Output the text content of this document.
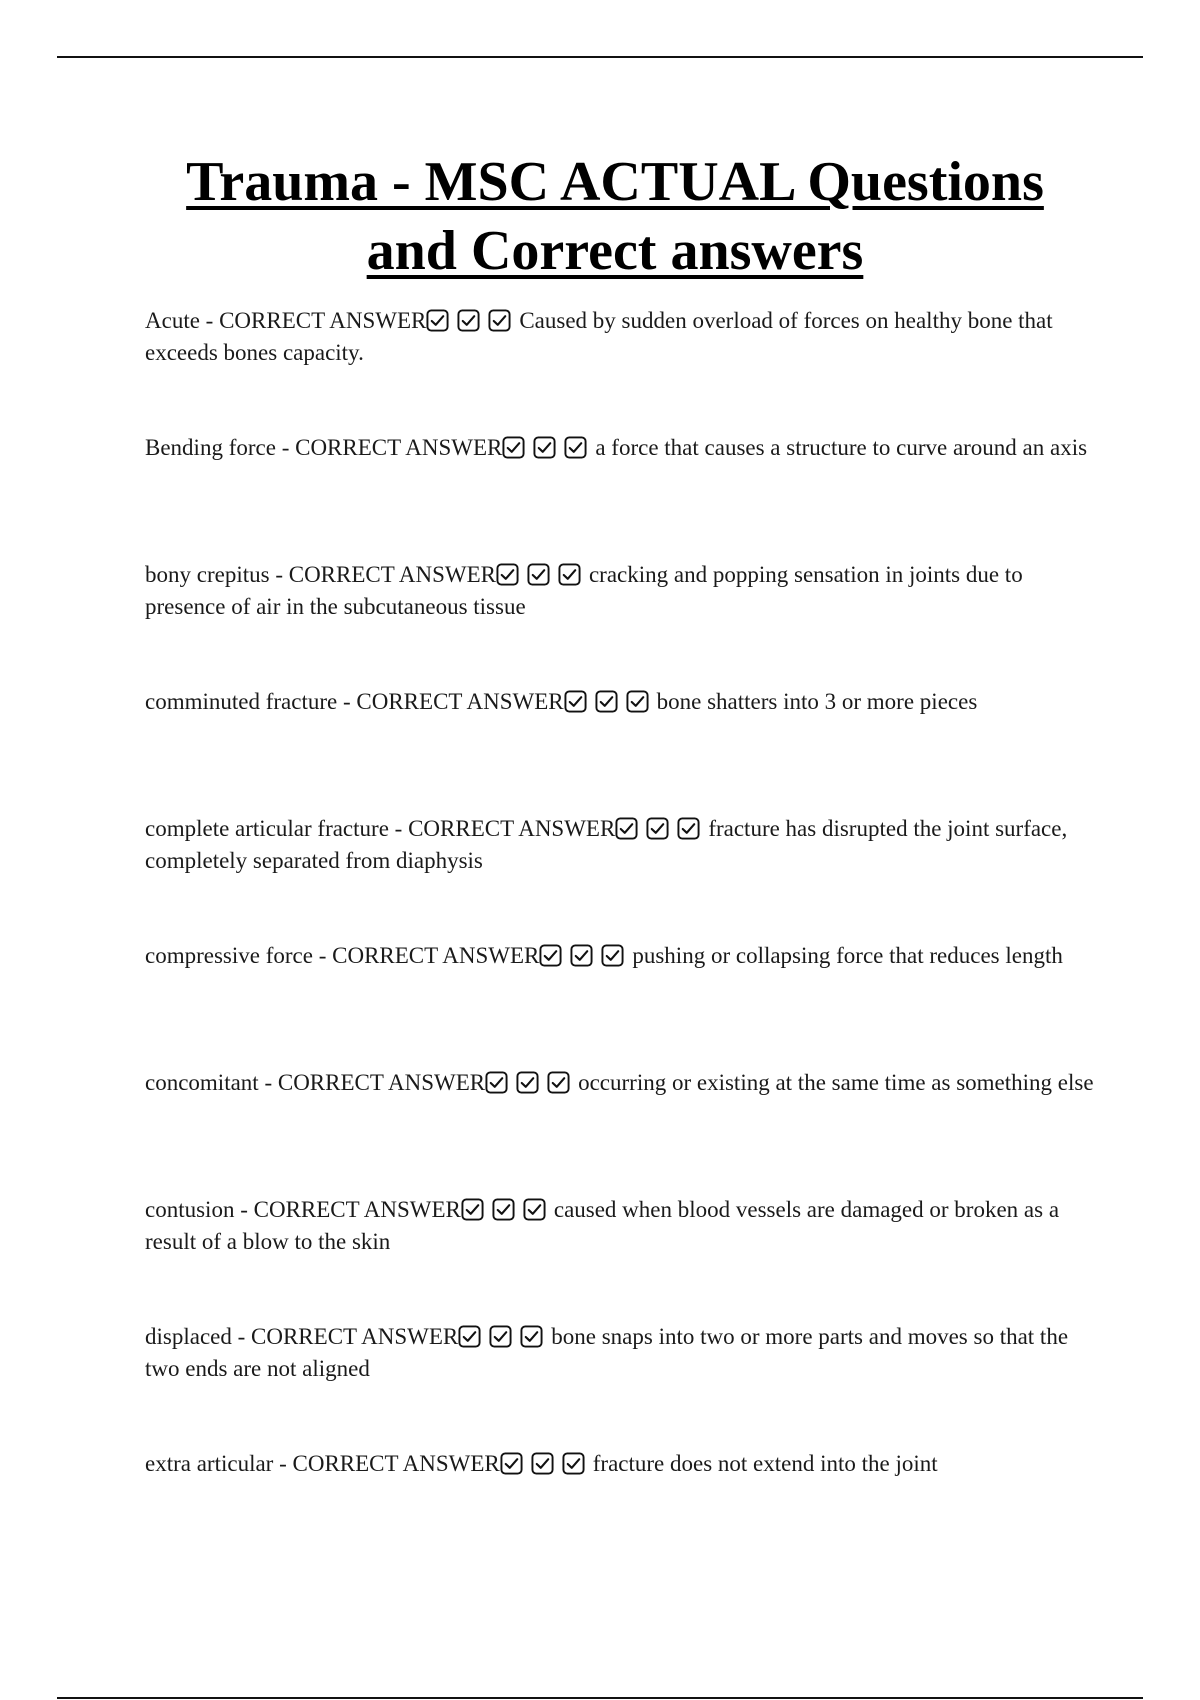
Trauma - MSC ACTUAL Questions
and Correct answers

Acute - CORRECT ANSWER	Caused by sudden overload of forces on healthy bone that exceeds bones capacity.

Bending force - CORRECT ANSWER	a force that causes a structure to curve around an axis

bony crepitus - CORRECT ANSWER	cracking and popping sensation in joints due to presence of air in the subcutaneous tissue

comminuted fracture - CORRECT ANSWER	bone shatters into 3 or more pieces

complete articular fracture - CORRECT ANSWER	fracture has disrupted the joint surface, completely separated from diaphysis

compressive force - CORRECT ANSWER	pushing or collapsing force that reduces length

concomitant - CORRECT ANSWER	occurring or existing at the same time as something else

contusion - CORRECT ANSWER	caused when blood vessels are damaged or broken as a result of a blow to the skin

displaced - CORRECT ANSWER	bone snaps into two or more parts and moves so that the two ends are not aligned

extra articular - CORRECT ANSWER	fracture does not extend into the joint
